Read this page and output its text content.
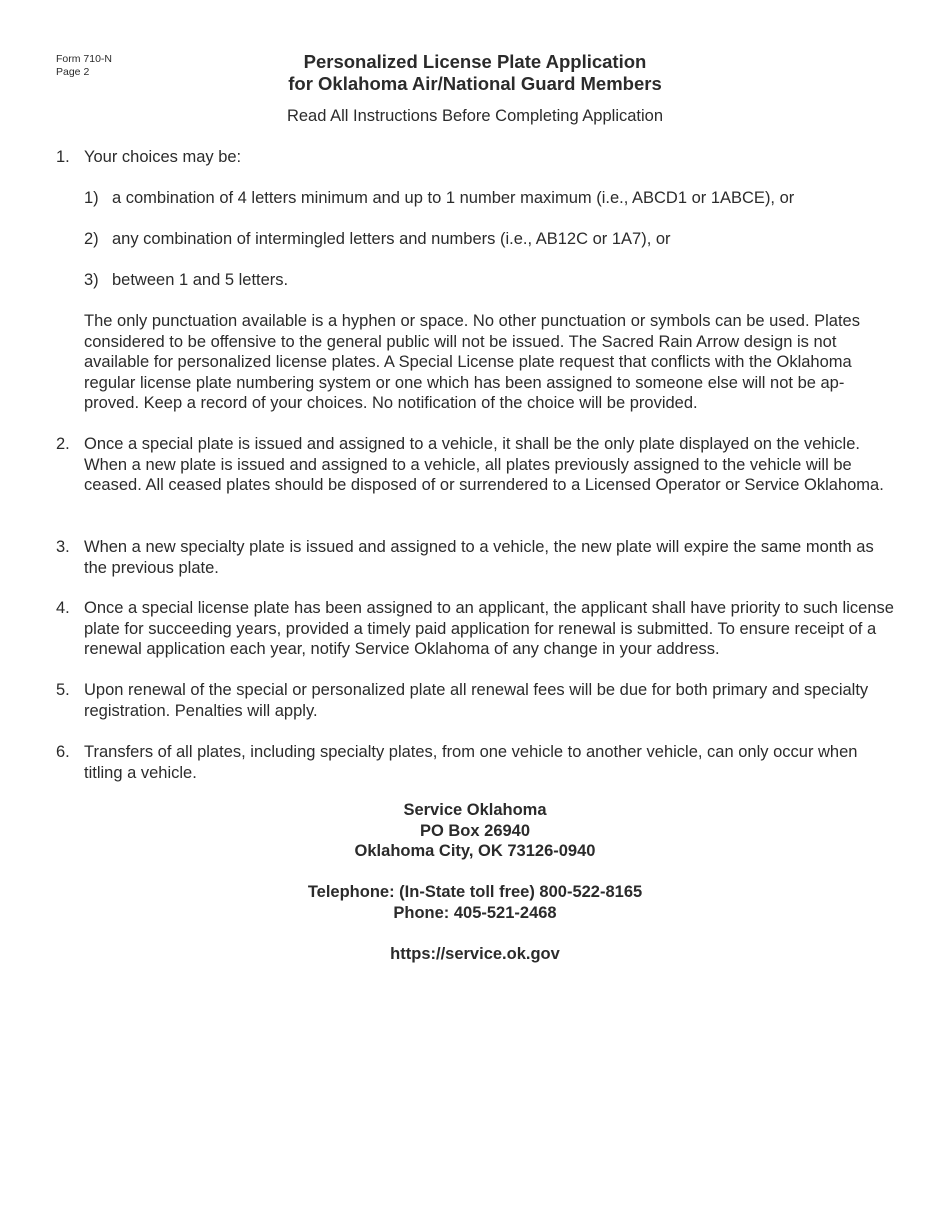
Form 710-N
Page 2	Personalized License Plate Application
for Oklahoma Air/National Guard Members
Read All Instructions Before Completing Application
1. Your choices may be:
1) a combination of 4 letters minimum and up to 1 number maximum (i.e., ABCD1 or 1ABCE), or
2) any combination of intermingled letters and numbers (i.e., AB12C or 1A7), or
3) between 1 and 5 letters.
The only punctuation available is a hyphen or space. No other punctuation or symbols can be used. Plates considered to be offensive to the general public will not be issued. The Sacred Rain Arrow design is not available for personalized license plates. A Special License plate request that conflicts with the Oklahoma regular license plate numbering system or one which has been assigned to someone else will not be ap-proved. Keep a record of your choices. No notification of the choice will be provided.
2. Once a special plate is issued and assigned to a vehicle, it shall be the only plate displayed on the vehicle. When a new plate is issued and assigned to a vehicle, all plates previously assigned to the vehicle will be ceased. All ceased plates should be disposed of or surrendered to a Licensed Operator or Service Oklahoma.
3. When a new specialty plate is issued and assigned to a vehicle, the new plate will expire the same month as the previous plate.
4. Once a special license plate has been assigned to an applicant, the applicant shall have priority to such license plate for succeeding years, provided a timely paid application for renewal is submitted. To ensure receipt of a renewal application each year, notify Service Oklahoma of any change in your address.
5. Upon renewal of the special or personalized plate all renewal fees will be due for both primary and specialty registration. Penalties will apply.
6. Transfers of all plates, including specialty plates, from one vehicle to another vehicle, can only occur when titling a vehicle.
Service Oklahoma
PO Box 26940
Oklahoma City, OK 73126-0940
Telephone: (In-State toll free) 800-522-8165
Phone: 405-521-2468
https://service.ok.gov
